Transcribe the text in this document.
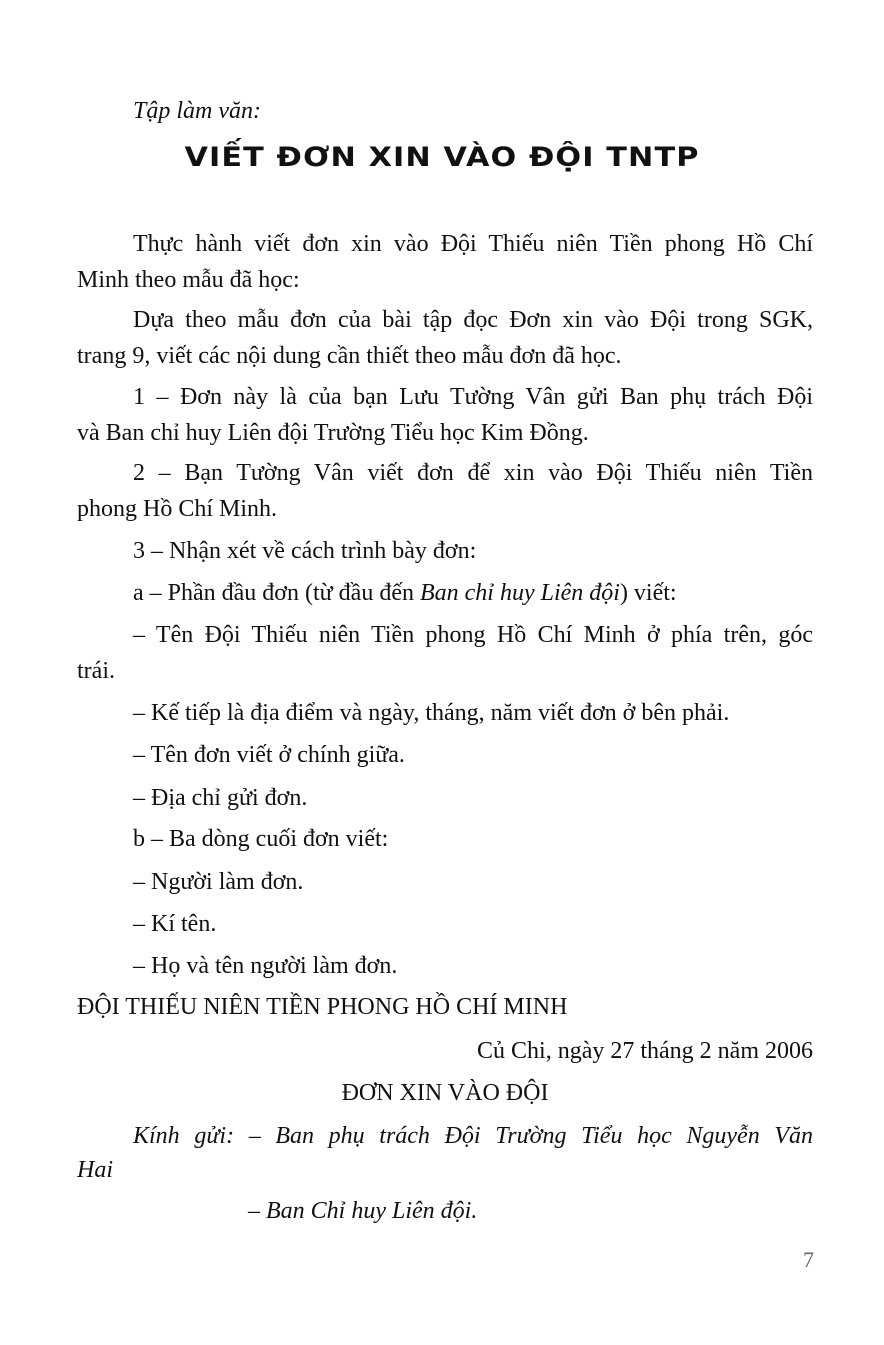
Tập làm văn:
VIẾT ĐƠN XIN VÀO ĐỘI TNTP
Thực hành viết đơn xin vào Đội Thiếu niên Tiền phong Hồ Chí
Minh theo mẫu đã học:
Dựa theo mẫu đơn của bài tập đọc Đơn xin vào Đội trong SGK,
trang 9, viết các nội dung cần thiết theo mẫu đơn đã học.
1 – Đơn này là của bạn Lưu Tường Vân gửi Ban phụ trách Đội
và Ban chỉ huy Liên đội Trường Tiểu học Kim Đồng.
2 – Bạn Tường Vân viết đơn để xin vào Đội Thiếu niên Tiền
phong Hồ Chí Minh.
3 – Nhận xét về cách trình bày đơn:
a – Phần đầu đơn (từ đầu đến Ban chỉ huy Liên đội) viết:
– Tên Đội Thiếu niên Tiền phong Hồ Chí Minh ở phía trên, góc
trái.
– Kế tiếp là địa điểm và ngày, tháng, năm viết đơn ở bên phải.
– Tên đơn viết ở chính giữa.
– Địa chỉ gửi đơn.
b – Ba dòng cuối đơn viết:
– Người làm đơn.
– Kí tên.
– Họ và tên người làm đơn.
ĐỘI THIẾU NIÊN TIỀN PHONG HỒ CHÍ MINH
Củ Chi, ngày 27 tháng 2 năm 2006
ĐƠN XIN VÀO ĐỘI
Kính gửi: – Ban phụ trách Đội Trường Tiểu học Nguyễn Văn
Hai
– Ban Chỉ huy Liên đội.
7
